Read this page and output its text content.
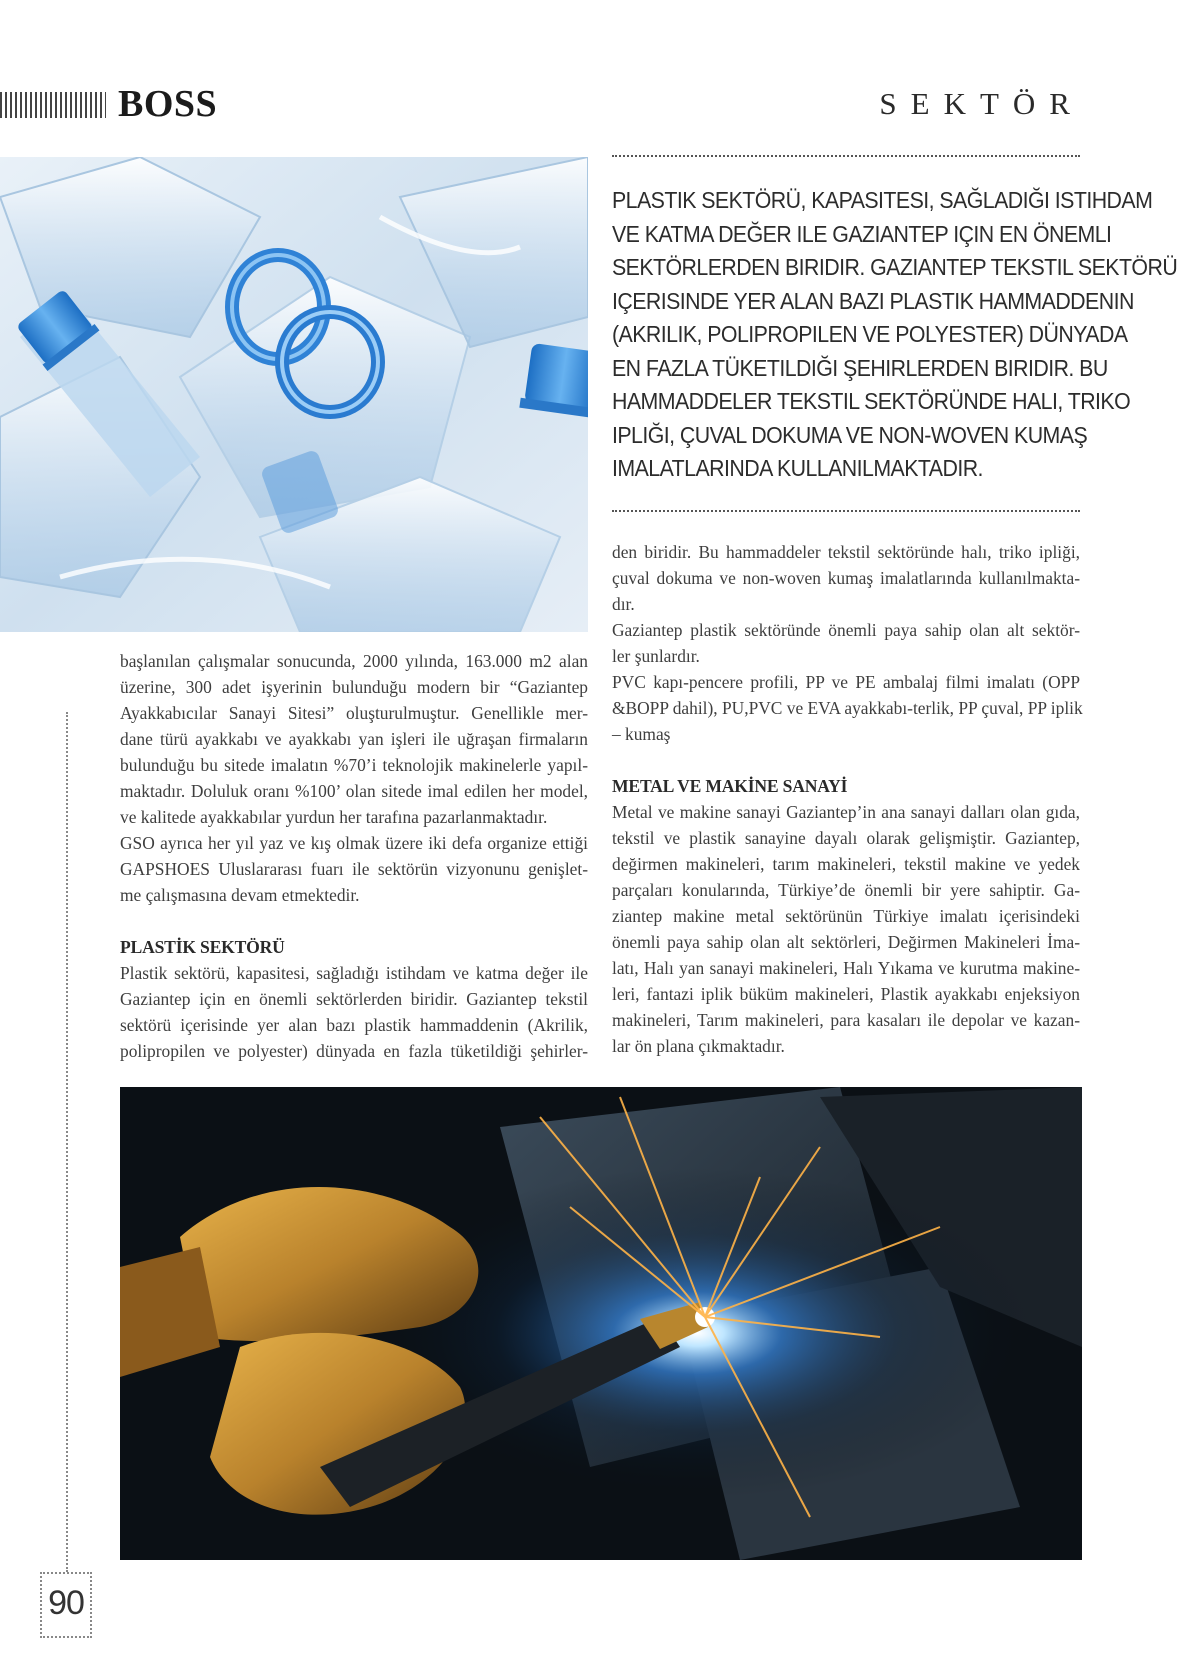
BOSS	SEKTÖR
PLASTIK SEKTÖRÜ, KAPASITESI, SAĞLADIĞI ISTIHDAM
VE KATMA DEĞER ILE GAZIANTEP IÇIN EN ÖNEMLI
SEKTÖRLERDEN BIRIDIR. GAZIANTEP TEKSTIL SEKTÖRÜ
IÇERISINDE YER ALAN BAZI PLASTIK HAMMADDENIN
(AKRILIK, POLIPROPILEN VE POLYESTER) DÜNYADA
EN FAZLA TÜKETILDIĞI ŞEHIRLERDEN BIRIDIR. BU
HAMMADDELER TEKSTIL SEKTÖRÜNDE HALI, TRIKO
IPLIĞI, ÇUVAL DOKUMA VE NON-WOVEN KUMAŞ
IMALATLARINDA KULLANILMAKTADIR.

başlanılan çalışmalar sonucunda, 2000 yılında, 163.000 m2 alan
üzerine, 300 adet işyerinin bulunduğu modern bir “Gaziantep
Ayakkabıcılar Sanayi Sitesi” oluşturulmuştur. Genellikle mer-
dane türü ayakkabı ve ayakkabı yan işleri ile uğraşan firmaların
bulunduğu bu sitede imalatın %70’i teknolojik makinelerle yapıl-
maktadır. Doluluk oranı %100’ olan sitede imal edilen her model,
ve kalitede ayakkabılar yurdun her tarafına pazarlanmaktadır.
GSO ayrıca her yıl yaz ve kış olmak üzere iki defa organize ettiği
GAPSHOES Uluslararası fuarı ile sektörün vizyonunu genişlet-
me çalışmasına devam etmektedir.

PLASTİK SEKTÖRÜ

Plastik sektörü, kapasitesi, sağladığı istihdam ve katma değer ile
Gaziantep için en önemli sektörlerden biridir. Gaziantep tekstil
sektörü içerisinde yer alan bazı plastik hammaddenin (Akrilik,
polipropilen ve polyester) dünyada en fazla tüketildiği şehirler-

den biridir. Bu hammaddeler tekstil sektöründe halı, triko ipliği,
çuval dokuma ve non-woven kumaş imalatlarında kullanılmakta-
dır.

Gaziantep plastik sektöründe önemli paya sahip olan alt sektör-
ler şunlardır.

PVC kapı-pencere profili, PP ve PE ambalaj filmi imalatı (OPP
&BOPP dahil), PU,PVC ve EVA ayakkabı-terlik, PP çuval, PP iplik
– kumaş

METAL VE MAKİNE SANAYİ

Metal ve makine sanayi Gaziantep’in ana sanayi dalları olan gıda,
tekstil ve plastik sanayine dayalı olarak gelişmiştir. Gaziantep,
değirmen makineleri, tarım makineleri, tekstil makine ve yedek
parçaları konularında, Türkiye’de önemli bir yere sahiptir. Ga-
ziantep makine metal sektörünün Türkiye imalatı içerisindeki
önemli paya sahip olan alt sektörleri, Değirmen Makineleri İma-
latı, Halı yan sanayi makineleri, Halı Yıkama ve kurutma makine-
leri, fantazi iplik büküm makineleri, Plastik ayakkabı enjeksiyon
makineleri, Tarım makineleri, para kasaları ile depolar ve kazan-
lar ön plana çıkmaktadır.

90
